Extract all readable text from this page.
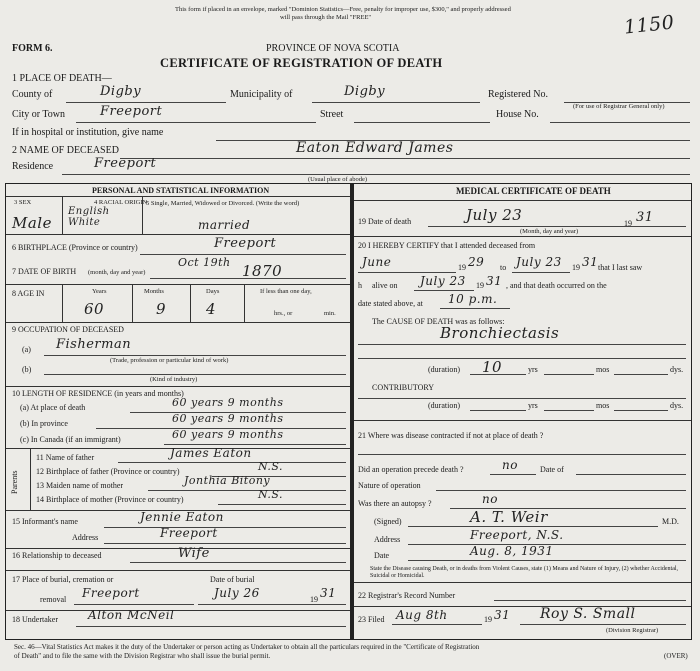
This form if placed in an envelope, marked "Dominion Statistics—Free, penalty for improper use, $300," and properly addressed
will pass through the Mail "FREE"	1150
FORM 6.	PROVINCE OF NOVA SCOTIA
CERTIFICATE OF REGISTRATION OF DEATH
1 PLACE OF DEATH—
County of	Digby	Municipality of	Digby	Registered No.
(For use of Registrar General only)
City or Town	Freeport	Street	House No.
If in hospital or institution, give name
2 NAME OF DECEASED	Eaton Edward James
Residence	Freeport
(Usual place of abode)
PERSONAL AND STATISTICAL INFORMATION
3 SEX	4 RACIAL ORIGIN
5 Single, Married, Widowed or Divorced. (Write the word)
Male
English White	married
6 BIRTHPLACE (Province or country)	Freeport
7 DATE OF BIRTH (month, day and year)
Oct 19th 1870
8 AGE IN	Years	Months	Days	If less than one day,
60	9	4	hrs., or	min.
9 OCCUPATION OF DECEASED
(a) Fisherman
(Trade, profession or particular kind of work)
(b)
(Kind of industry)
10 LENGTH OF RESIDENCE (in years and months)
(a) At place of death	60 years 9 months
(b) In province	60 years 9 months
(c) In Canada (if an immigrant)	60 years 9 months
Parents
11 Name of father	James Eaton
12 Birthplace of father (Province or country)	N.S.
13 Maiden name of mother	Jonthia Bitony
14 Birthplace of mother (Province or country)	N.S.
15 Informant's name	Jennie Eaton
Address	Freeport
16 Relationship to deceased	Wife
17 Place of burial, cremation or	Date of burial
removal Freeport	July 26	19 31
18 Undertaker	Alton McNeil
MEDICAL CERTIFICATE OF DEATH
19 Date of death	July 23	19 31
(Month, day and year)
20 I HEREBY CERTIFY that I attended deceased from
June	19 29 to July 23 19 31 that I last saw
h alive on July 23 19 31 , and that death occurred on the
date stated above, at 10 p.m.
The CAUSE OF DEATH was as follows:
Bronchiectasis
(duration) 10	yrs	mos	dys.
CONTRIBUTORY
(duration)	yrs	mos	dys.
21 Where was disease contracted if not at place of death ?
Did an operation precede death ?	no	Date of
Nature of operation
Was there an autopsy ?	no
(Signed)	A. T. Weir	M.D.
Address	Freeport, N.S.
Date	Aug. 8, 1931
State the Disease causing Death, or in deaths from Violent Causes, state (1) Means and Nature of Injury, (2) whether Accidental, Suicidal or Homicidal.
22 Registrar's Record Number
23 Filed Aug 8th	19 31 Roy S. Small
(Division Registrar)
Sec. 46—Vital Statistics Act makes it the duty of the Undertaker or person acting as Undertaker to obtain all the particulars required in the "Certificate of Registration
of Death" and to file the same with the Division Registrar who shall issue the burial permit.	(OVER)
